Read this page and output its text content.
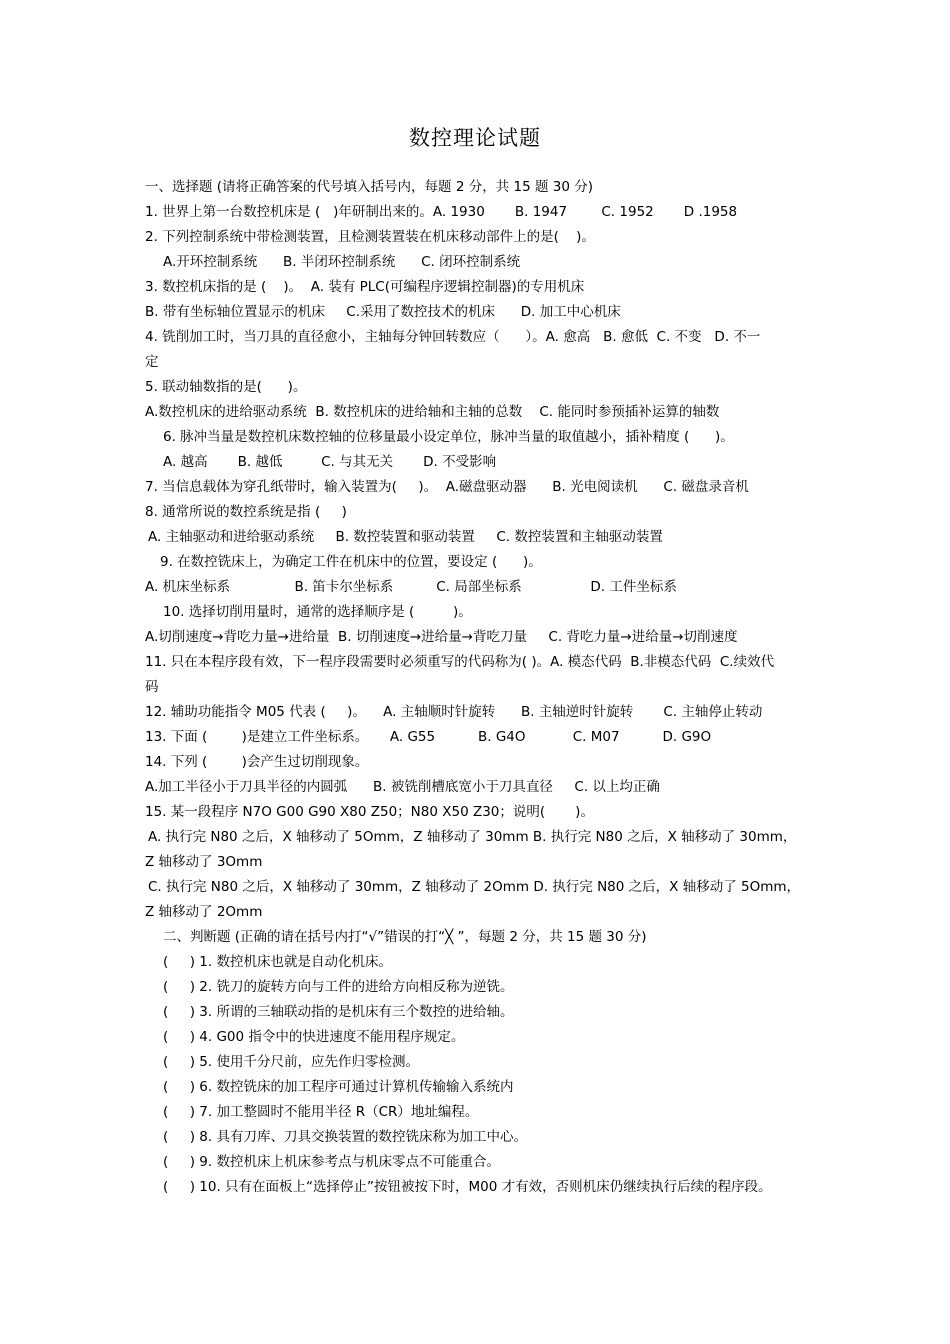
数控理论试题
一、选择题 (请将正确答案的代号填入括号内，每题 2 分，共 15 题 30 分)
1. 世界上第一台数控机床是 (   )年研制出来的。A. 1930       B. 1947        C. 1952       D .1958
2. 下列控制系统中带检测装置，且检测装置装在机床移动部件上的是(    )。
A.开环控制系统      B. 半闭环控制系统      C. 闭环控制系统
3. 数控机床指的是 (    )。  A. 装有 PLC(可编程序逻辑控制器)的专用机床
B. 带有坐标轴位置显示的机床     C.采用了数控技术的机床      D. 加工中心机床
4. 铣削加工时，当刀具的直径愈小，主轴每分钟回转数应（      ）。A. 愈高   B. 愈低  C. 不变   D. 不一
定
5. 联动轴数指的是(      )。
A.数控机床的进给驱动系统  B. 数控机床的进给轴和主轴的总数    C. 能同时参预插补运算的轴数
6. 脉冲当量是数控机床数控轴的位移量最小设定单位，脉冲当量的取值越小，插补精度 (      )。
A. 越高       B. 越低         C. 与其无关       D. 不受影响
7. 当信息载体为穿孔纸带时，输入装置为(     )。  A.磁盘驱动器      B. 光电阅读机      C. 磁盘录音机
8. 通常所说的数控系统是指 (     )
A. 主轴驱动和进给驱动系统     B. 数控装置和驱动装置     C. 数控装置和主轴驱动装置
9. 在数控铣床上，为确定工件在机床中的位置，要设定 (      )。
A. 机床坐标系               B. 笛卡尔坐标系          C. 局部坐标系                D. 工件坐标系
10. 选择切削用量时，通常的选择顺序是 (         )。
A.切削速度→背吃力量→进给量  B. 切削速度→进给量→背吃刀量     C. 背吃力量→进给量→切削速度
11. 只在本程序段有效，下一程序段需要时必须重写的代码称为( )。A. 模态代码  B.非模态代码  C.续效代
码
12. 辅助功能指令 M05 代表 (     )。    A. 主轴顺时针旋转      B. 主轴逆时针旋转       C. 主轴停止转动
13. 下面 (        )是建立工件坐标系。     A. G55          B. G4O           C. M07          D. G9O
14. 下列 (        )会产生过切削现象。
A.加工半径小于刀具半径的内圆弧      B. 被铣削槽底宽小于刀具直径     C. 以上均正确
15. 某一段程序 N7O G00 G90 X80 Z50；N80 X50 Z30；说明(       )。
A. 执行完 N80 之后，X 轴移动了 5Omm，Z 轴移动了 30mm B. 执行完 N80 之后，X 轴移动了 30mm，
Z 轴移动了 3Omm
C. 执行完 N80 之后，X 轴移动了 30mm，Z 轴移动了 2Omm D. 执行完 N80 之后，X 轴移动了 5Omm，
Z 轴移动了 2Omm
二、判断题 (正确的请在括号内打“√”错误的打“╳ ”，每题 2 分，共 15 题 30 分)
(     ) 1. 数控机床也就是自动化机床。
(     ) 2. 铣刀的旋转方向与工件的进给方向相反称为逆铣。
(     ) 3. 所谓的三轴联动指的是机床有三个数控的进给轴。
(     ) 4. G00 指令中的快进速度不能用程序规定。
(     ) 5. 使用千分尺前，应先作归零检测。
(     ) 6. 数控铣床的加工程序可通过计算机传输输入系统内
(     ) 7. 加工整圆时不能用半径 R（CR）地址编程。
(     ) 8. 具有刀库、刀具交换装置的数控铣床称为加工中心。
(     ) 9. 数控机床上机床参考点与机床零点不可能重合。
(     ) 10. 只有在面板上“选择停止”按钮被按下时，M00 才有效，否则机床仍继续执行后续的程序段。
